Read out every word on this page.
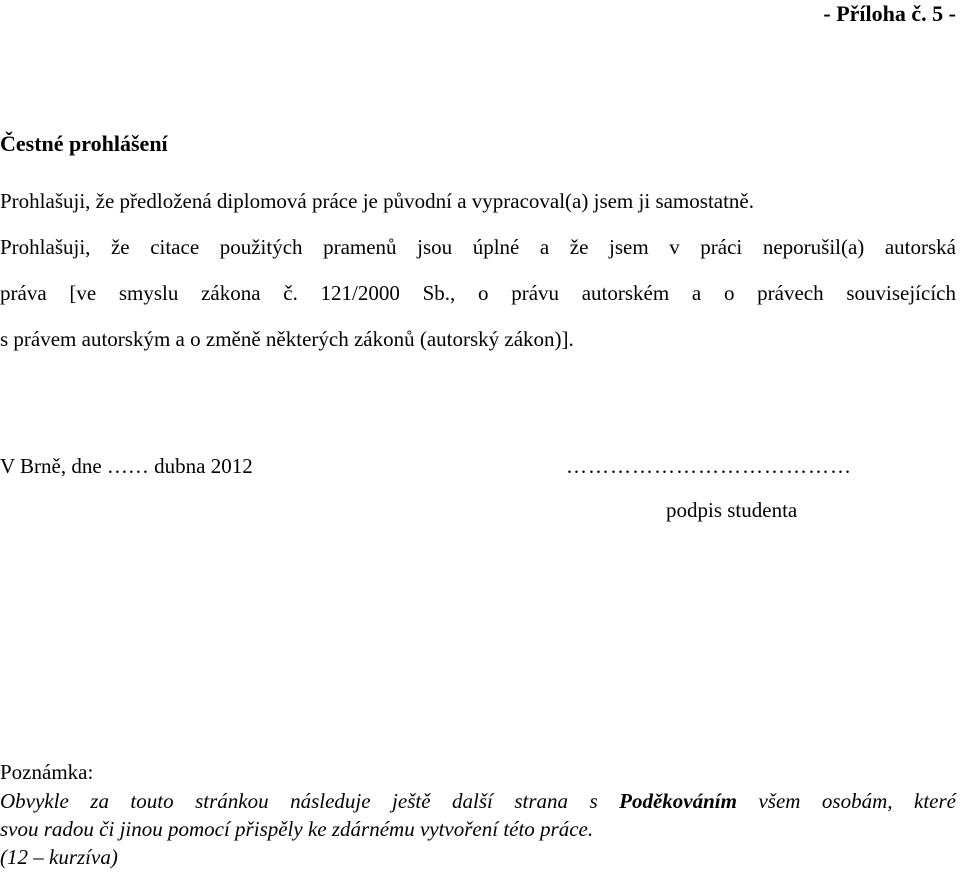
- Příloha č. 5 -
Čestné prohlášení
Prohlašuji, že předložená diplomová práce je původní a vypracoval(a) jsem ji samostatně.
Prohlašuji, že citace použitých pramenů jsou úplné a že jsem v práci neporušil(a) autorská
práva [ve smyslu zákona č. 121/2000 Sb., o právu autorském a o právech souvisejících
s právem autorským a o změně některých zákonů (autorský zákon)].
V Brně, dne …… dubna 2012	…………………………………
podpis studenta
Poznámka:
Obvykle za touto stránkou následuje ještě další strana s Poděkováním všem osobám, které
svou radou či jinou pomocí přispěly ke zdárnému vytvoření této práce.
(12 – kurzíva)
